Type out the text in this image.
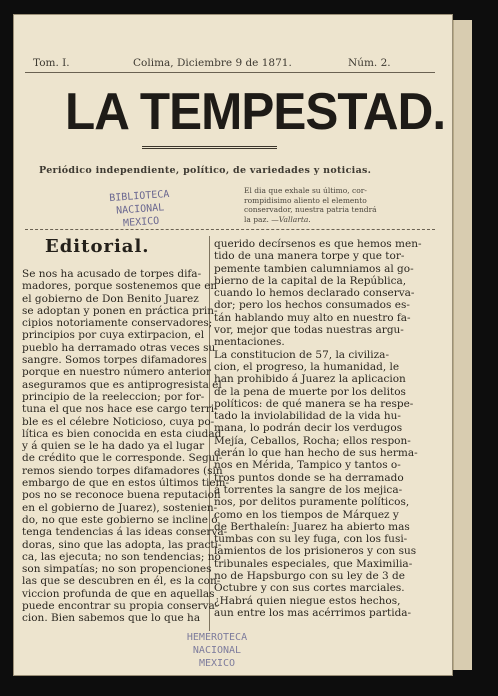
Tom. I.	Colima, Diciembre 9 de 1871.	Núm. 2.
LA TEMPESTAD.
Periódico independiente, político, de variedades y noticias.
BIBLIOTECA NACIONAL
MEXICO
El dia que exhale su último, cor-
rompidisimo aliento el elemento
conservador, nuestra patria tendrá
la paz. —Vallarta.
Editorial.
Se nos ha acusado de torpes difa-
madores, porque sostenemos que en
el gobierno de Don Benito Juarez
se adoptan y ponen en práctica prin-
cipios notoriamente conservadores;
principios por cuya extirpacion, el
pueblo ha derramado otras veces su
sangre. Somos torpes difamadores
porque en nuestro número anterior
aseguramos que es antiprogresista el
principio de la reeleccion; por for-
tuna el que nos hace ese cargo terri-
ble es el célebre Noticioso, cuya po-
lítica es bien conocida en esta ciudad
y á quien se le ha dado ya el lugar
de crédito que le corresponde. Segui-
remos siendo torpes difamadores (sin
embargo de que en estos últimos tiem-
pos no se reconoce buena reputacion
en el gobierno de Juarez), sostenien-
do, no que este gobierno se incline ó
tenga tendencias á las ideas conserva-
doras, sino que las adopta, las practi-
ca, las ejecuta; no son tendencias; no
son simpatías; no son propenciones
las que se descubren en él, es la con-
viccion profunda de que en aquellas
puede encontrar su propia conserva-
cion. Bien sabemos que lo que ha
querido decírsenos es que hemos men-
tido de una manera torpe y que tor-
pemente tambien calumniamos al go-
bierno de la capital de la República,
cuando lo hemos declarado conserva-
dor; pero los hechos consumados es-
tán hablando muy alto en nuestro fa-
vor, mejor que todas nuestras argu-
mentaciones.
La constitucion de 57, la civiliza-
cion, el progreso, la humanidad, le
han prohibido á Juarez la aplicacion
de la pena de muerte por los delitos
políticos: de qué manera se ha respe-
tado la inviolabilidad de la vida hu-
mana, lo podrán decir los verdugos
Mejía, Ceballos, Rocha; ellos respon-
derán lo que han hecho de sus herma-
nos en Mérida, Tampico y tantos o-
tros puntos donde se ha derramado
á torrentes la sangre de los mejica-
nos, por delitos puramente políticos,
como en los tiempos de Márquez y
de Berthaleín: Juarez ha abierto mas
tumbas con su ley fuga, con los fusi-
lamientos de los prisioneros y con sus
tribunales especiales, que Maximilia-
no de Hapsburgo con su ley de 3 de
Octubre y con sus cortes marciales.
¿Habrá quien niegue estos hechos,
aun entre los mas acérrimos partida-
HEMEROTECA NACIONAL
MEXICO
